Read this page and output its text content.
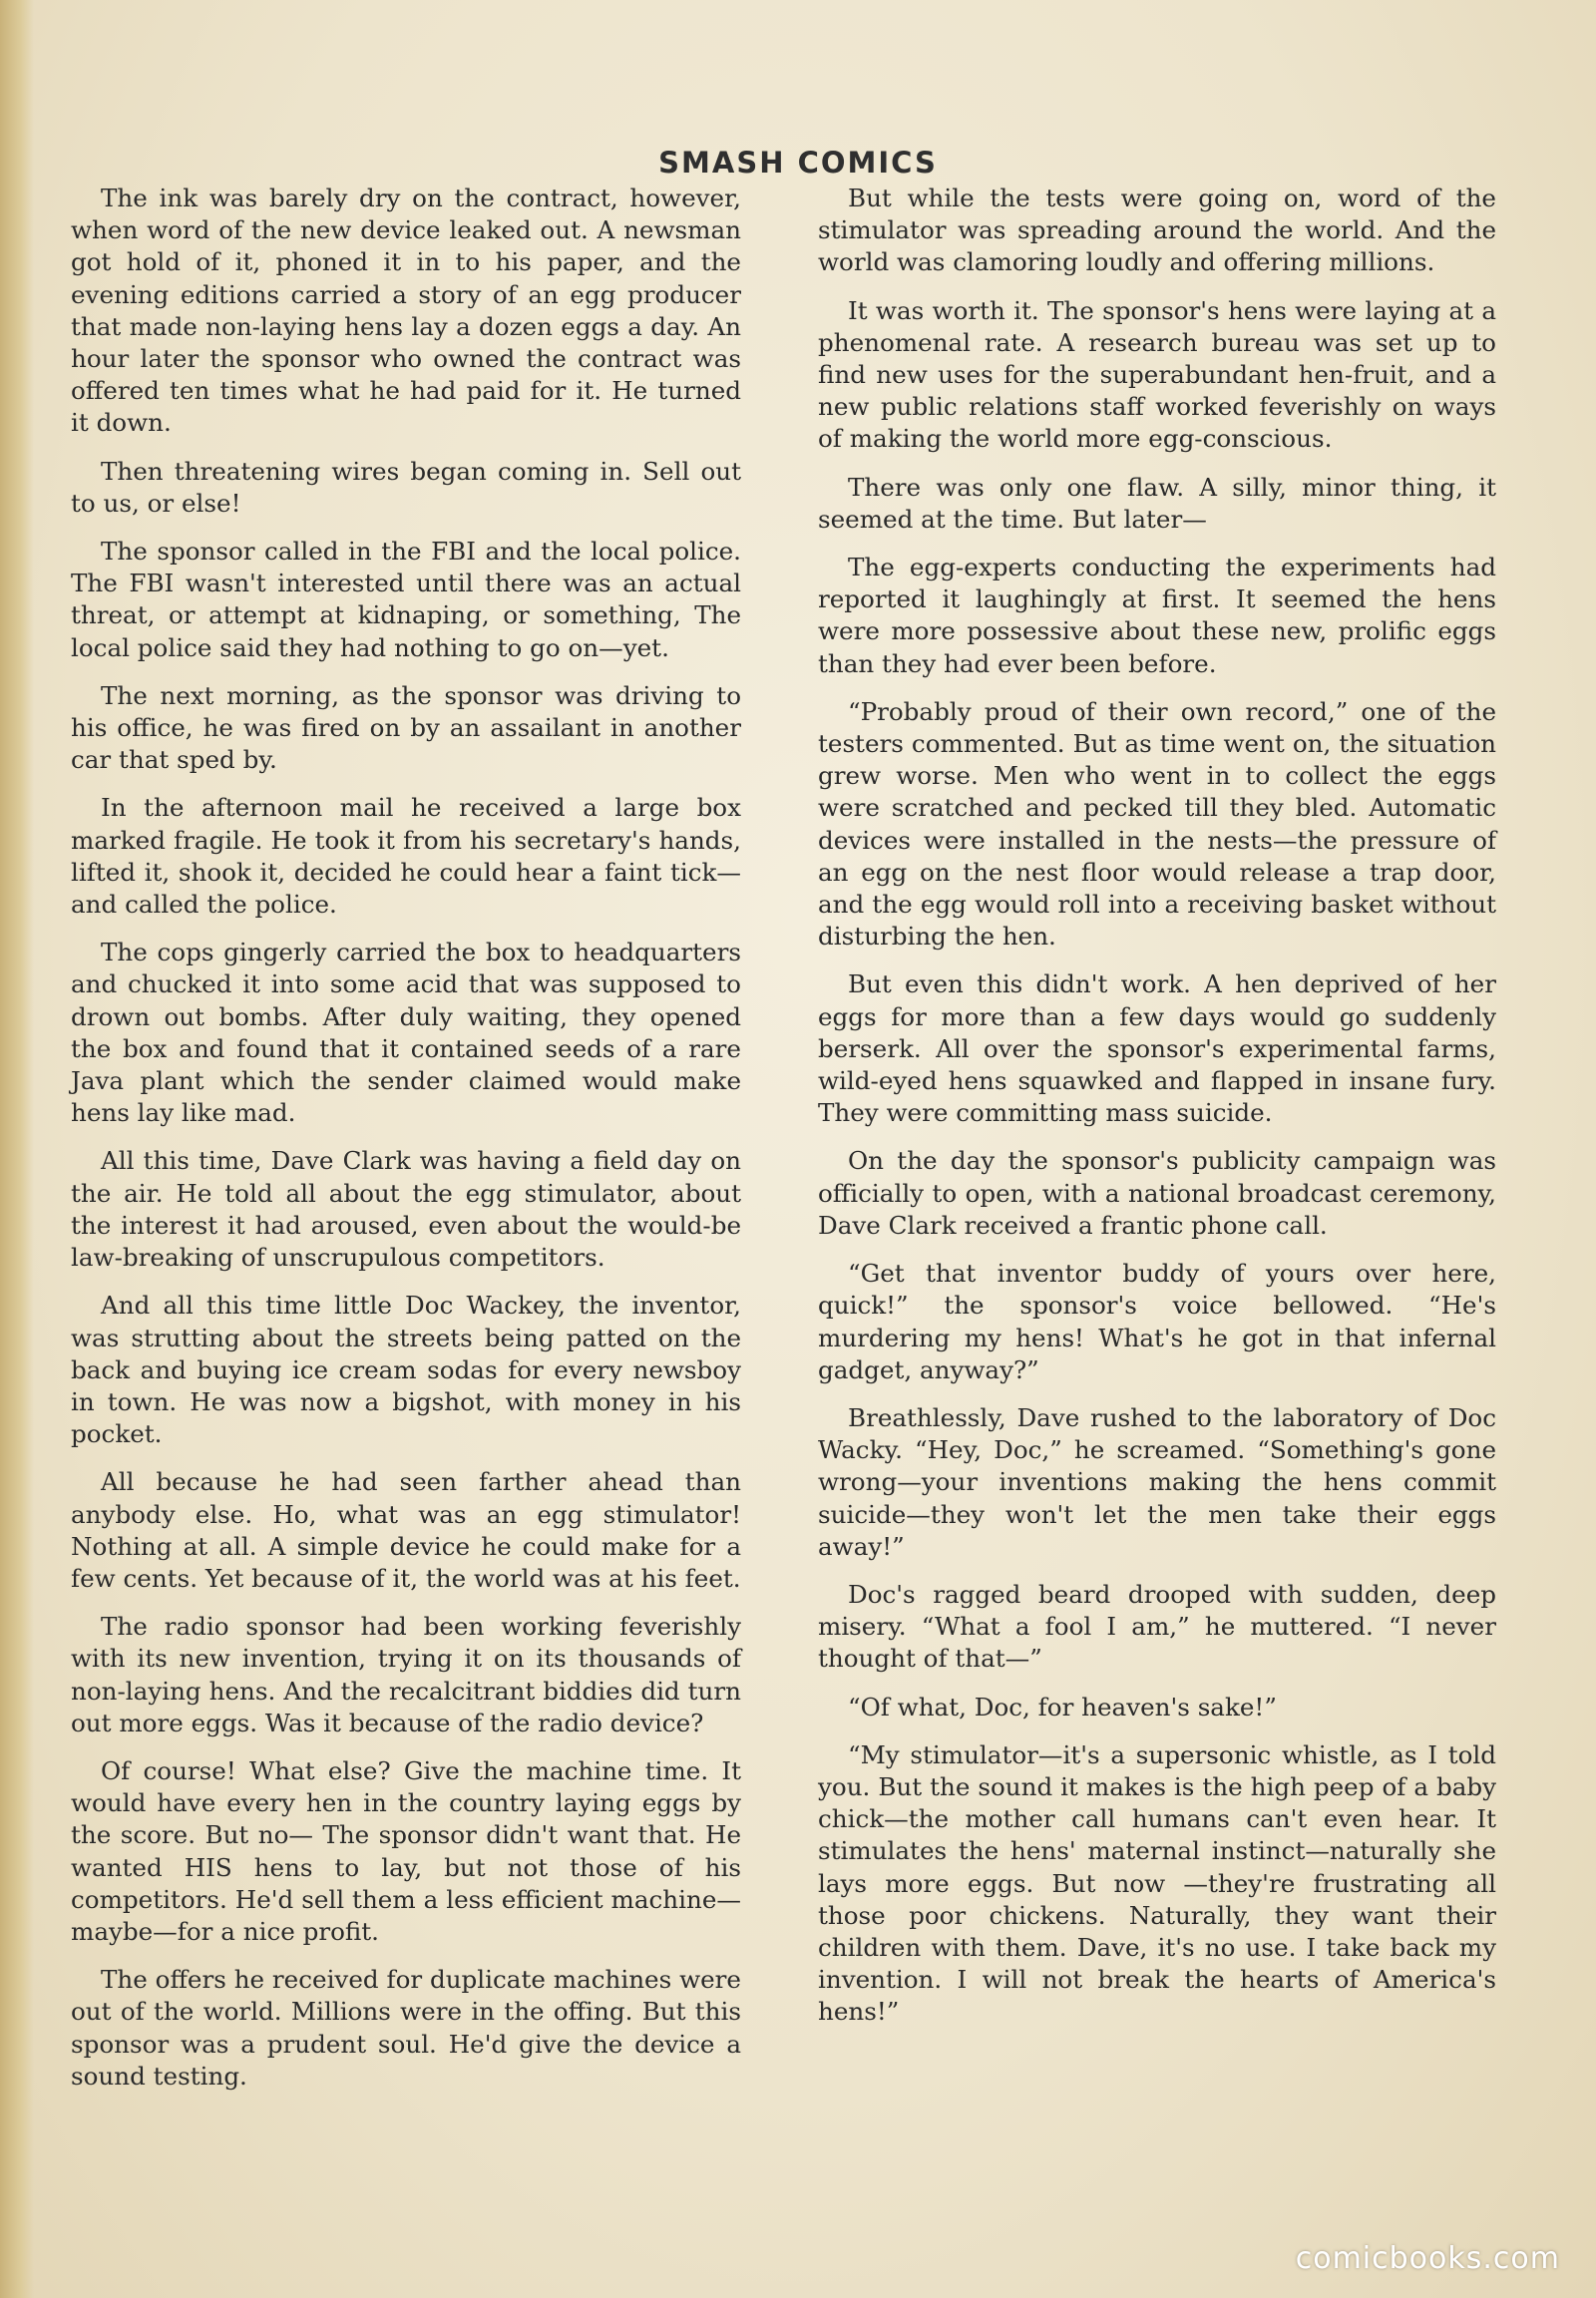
SMASH COMICS

The ink was barely dry on the contract, however, when word of the new device leaked out. A newsman got hold of it, phoned it in to his paper, and the evening editions carried a story of an egg producer that made non-laying hens lay a dozen eggs a day. An hour later the sponsor who owned the contract was offered ten times what he had paid for it. He turned it down.

Then threatening wires began coming in. Sell out to us, or else!

The sponsor called in the FBI and the local police. The FBI wasn't interested until there was an actual threat, or attempt at kidnaping, or something, The local police said they had nothing to go on—yet.

The next morning, as the sponsor was driving to his office, he was fired on by an assailant in another car that sped by.

In the afternoon mail he received a large box marked fragile. He took it from his secretary's hands, lifted it, shook it, decided he could hear a faint tick—and called the police.

The cops gingerly carried the box to headquarters and chucked it into some acid that was supposed to drown out bombs. After duly waiting, they opened the box and found that it contained seeds of a rare Java plant which the sender claimed would make hens lay like mad.

All this time, Dave Clark was having a field day on the air. He told all about the egg stimulator, about the interest it had aroused, even about the would-be law-breaking of unscrupulous competitors.

And all this time little Doc Wackey, the inventor, was strutting about the streets being patted on the back and buying ice cream sodas for every newsboy in town. He was now a bigshot, with money in his pocket.

All because he had seen farther ahead than anybody else. Ho, what was an egg stimulator! Nothing at all. A simple device he could make for a few cents. Yet because of it, the world was at his feet.

The radio sponsor had been working feverishly with its new invention, trying it on its thousands of non-laying hens. And the recalcitrant biddies did turn out more eggs. Was it because of the radio device?

Of course! What else? Give the machine time. It would have every hen in the country laying eggs by the score. But no— The sponsor didn't want that. He wanted HIS hens to lay, but not those of his competitors. He'd sell them a less efficient machine—maybe—for a nice profit.

The offers he received for duplicate machines were out of the world. Millions were in the offing. But this sponsor was a prudent soul. He'd give the device a sound testing.

But while the tests were going on, word of the stimulator was spreading around the world. And the world was clamoring loudly and offering millions.

It was worth it. The sponsor's hens were laying at a phenomenal rate. A research bureau was set up to find new uses for the superabundant hen-fruit, and a new public relations staff worked feverishly on ways of making the world more egg-conscious.

There was only one flaw. A silly, minor thing, it seemed at the time. But later—

The egg-experts conducting the experiments had reported it laughingly at first. It seemed the hens were more possessive about these new, prolific eggs than they had ever been before.

“Probably proud of their own record,” one of the testers commented. But as time went on, the situation grew worse. Men who went in to collect the eggs were scratched and pecked till they bled. Automatic devices were installed in the nests—the pressure of an egg on the nest floor would release a trap door, and the egg would roll into a receiving basket without disturbing the hen.

But even this didn't work. A hen deprived of her eggs for more than a few days would go suddenly berserk. All over the sponsor's experimental farms, wild-eyed hens squawked and flapped in insane fury. They were committing mass suicide.

On the day the sponsor's publicity campaign was officially to open, with a national broadcast ceremony, Dave Clark received a frantic phone call.

“Get that inventor buddy of yours over here, quick!” the sponsor's voice bellowed. “He's murdering my hens! What's he got in that infernal gadget, anyway?”

Breathlessly, Dave rushed to the laboratory of Doc Wacky. “Hey, Doc,” he screamed. “Something's gone wrong—your inventions making the hens commit suicide—they won't let the men take their eggs away!”

Doc's ragged beard drooped with sudden, deep misery. “What a fool I am,” he muttered. “I never thought of that—”

“Of what, Doc, for heaven's sake!”

“My stimulator—it's a supersonic whistle, as I told you. But the sound it makes is the high peep of a baby chick—the mother call humans can't even hear. It stimulates the hens' maternal instinct—naturally she lays more eggs. But now —they're frustrating all those poor chickens. Naturally, they want their children with them. Dave, it's no use. I take back my invention. I will not break the hearts of America's hens!”

comicbooks.com
